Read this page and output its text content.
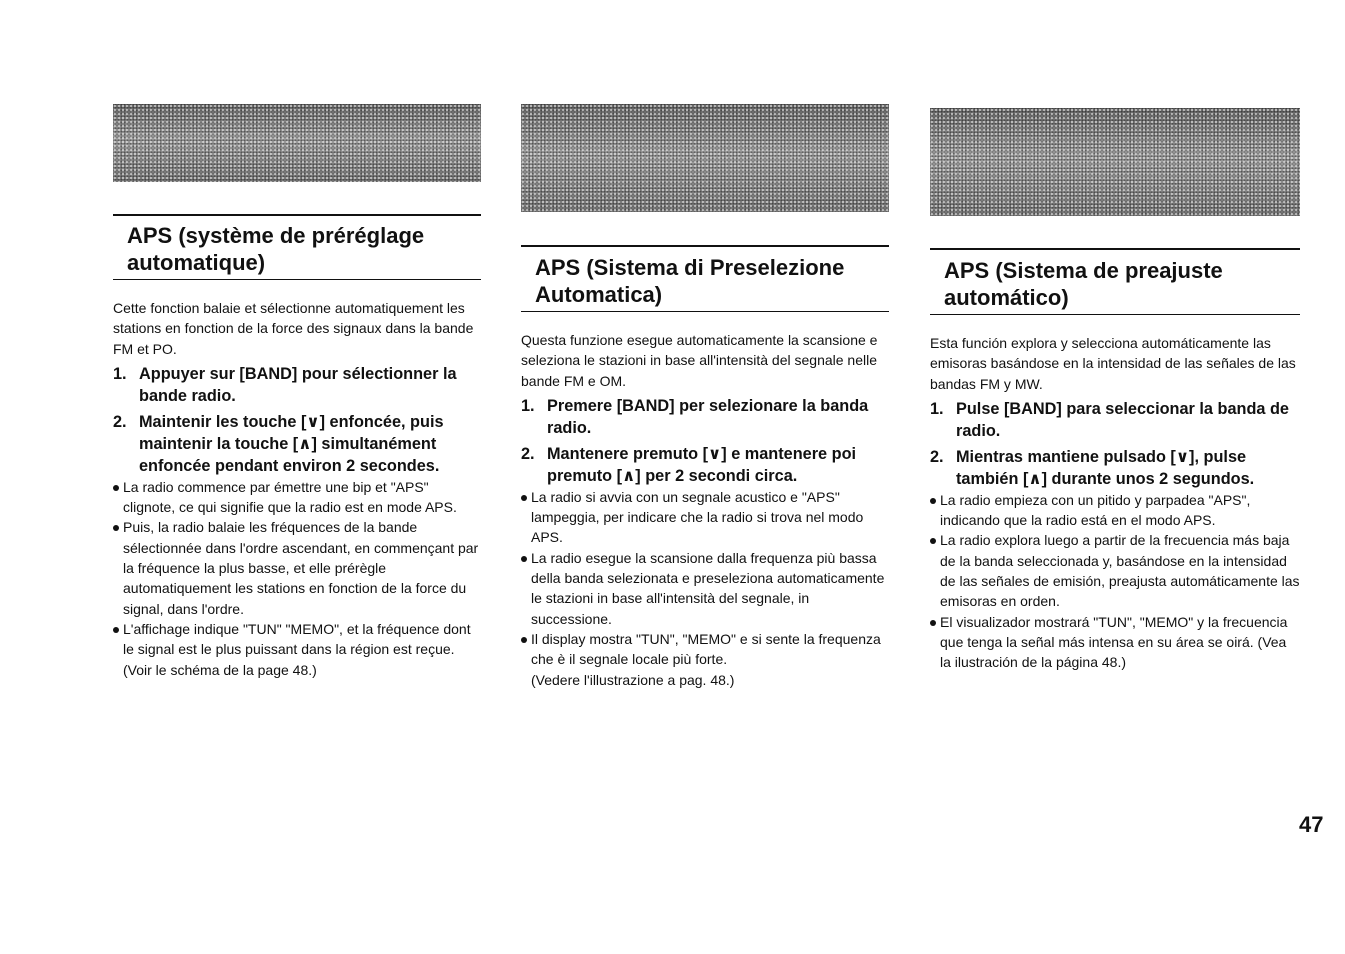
APS (système de préréglage
automatique)

Cette fonction balaie et sélectionne automatiquement les stations en fonction de la force des signaux dans la bande FM et PO.

1. Appuyer sur [BAND] pour sélectionner la bande radio.
2. Maintenir les touche [∨] enfoncée, puis maintenir la touche [∧] simultanément enfoncée pendant environ 2 secondes.
La radio commence par émettre une bip et "APS" clignote, ce qui signifie que la radio est en mode APS.
Puis, la radio balaie les fréquences de la bande sélectionnée dans l'ordre ascendant, en commençant par la fréquence la plus basse, et elle prérègle automatiquement les stations en fonction de la force du signal, dans l'ordre.
L'affichage indique "TUN" "MEMO", et la fréquence dont le signal est le plus puissant dans la région est reçue. (Voir le schéma de la page 48.)
APS (Sistema di Preselezione
Automatica)

Questa funzione esegue automaticamente la scansione e seleziona le stazioni in base all'intensità del segnale nelle bande FM e OM.

1. Premere [BAND] per selezionare la banda radio.
2. Mantenere premuto [∨] e mantenere poi premuto [∧] per 2 secondi circa.
La radio si avvia con un segnale acustico e "APS" lampeggia, per indicare che la radio si trova nel modo APS.
La radio esegue la scansione dalla frequenza più bassa della banda selezionata e preseleziona automaticamente le stazioni in base all'intensità del segnale, in successione.
Il display mostra "TUN", "MEMO" e si sente la frequenza che è il segnale locale più forte.

(Vedere l'illustrazione a pag. 48.)

APS (Sistema de preajuste
automático)

Esta función explora y selecciona automáticamente las emisoras basándose en la intensidad de las señales de las bandas FM y MW.

1. Pulse [BAND] para seleccionar la banda de radio.
2. Mientras mantiene pulsado [∨], pulse también [∧] durante unos 2 segundos.
La radio empieza con un pitido y parpadea "APS", indicando que la radio está en el modo APS.
La radio explora luego a partir de la frecuencia más baja de la banda seleccionada y, basándose en la intensidad de las señales de emisión, preajusta automáticamente las emisoras en orden.
El visualizador mostrará "TUN", "MEMO" y la frecuencia que tenga la señal más intensa en su área se oirá. (Vea la ilustración de la página 48.)
47
